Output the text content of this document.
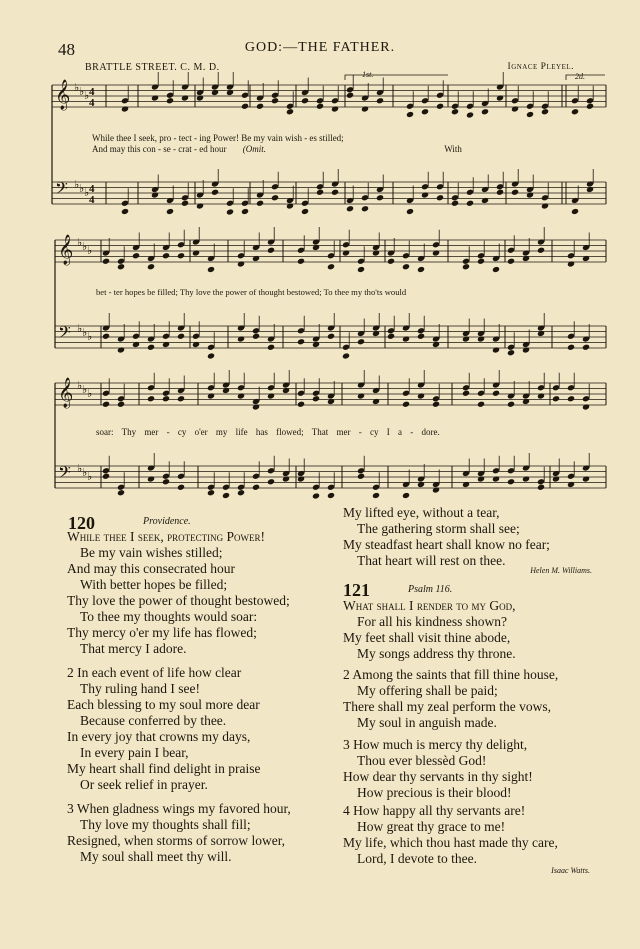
48	GOD:—THE FATHER.
BRATTLE STREET. C. M. D.	Ignace Pleyel.
𝄞 ♭ ♭ ♭
𝄢 ♭ ♭ ♭
4
4
4
4
𝄞 ♭ ♭ ♭
𝄢 ♭ ♭ ♭
𝄞 ♭ ♭ ♭
𝄢 ♭ ♭ ♭
1st.	2d.
While thee I seek, pro - tect - ing Power! Be my vain wish - es stilled;
And may this con - se - crat - ed hour (Omit.	With
bet - ter hopes be filled; Thy love the power of thought bestowed; To thee my tho'ts would
soar: Thy mer - cy o'er my life has flowed; That mer - cy I a - dore.
120	Providence.
While thee I seek, protecting Power!
Be my vain wishes stilled;
And may this consecrated hour
With better hopes be filled;
Thy love the power of thought bestowed;
To thee my thoughts would soar:
Thy mercy o'er my life has flowed;
That mercy I adore.
2 In each event of life how clear
Thy ruling hand I see!
Each blessing to my soul more dear
Because conferred by thee.
In every joy that crowns my days,
In every pain I bear,
My heart shall find delight in praise
Or seek relief in prayer.
3 When gladness wings my favored hour,
Thy love my thoughts shall fill;
Resigned, when storms of sorrow lower,
My soul shall meet thy will.
My lifted eye, without a tear,
The gathering storm shall see;
My steadfast heart shall know no fear;
That heart will rest on thee.
Helen M. Williams.
121	Psalm 116.
What shall I render to my God,
For all his kindness shown?
My feet shall visit thine abode,
My songs address thy throne.
2 Among the saints that fill thine house,
My offering shall be paid;
There shall my zeal perform the vows,
My soul in anguish made.
3 How much is mercy thy delight,
Thou ever blessèd God!
How dear thy servants in thy sight!
How precious is their blood!
4 How happy all thy servants are!
How great thy grace to me!
My life, which thou hast made thy care,
Lord, I devote to thee.
Isaac Watts.
